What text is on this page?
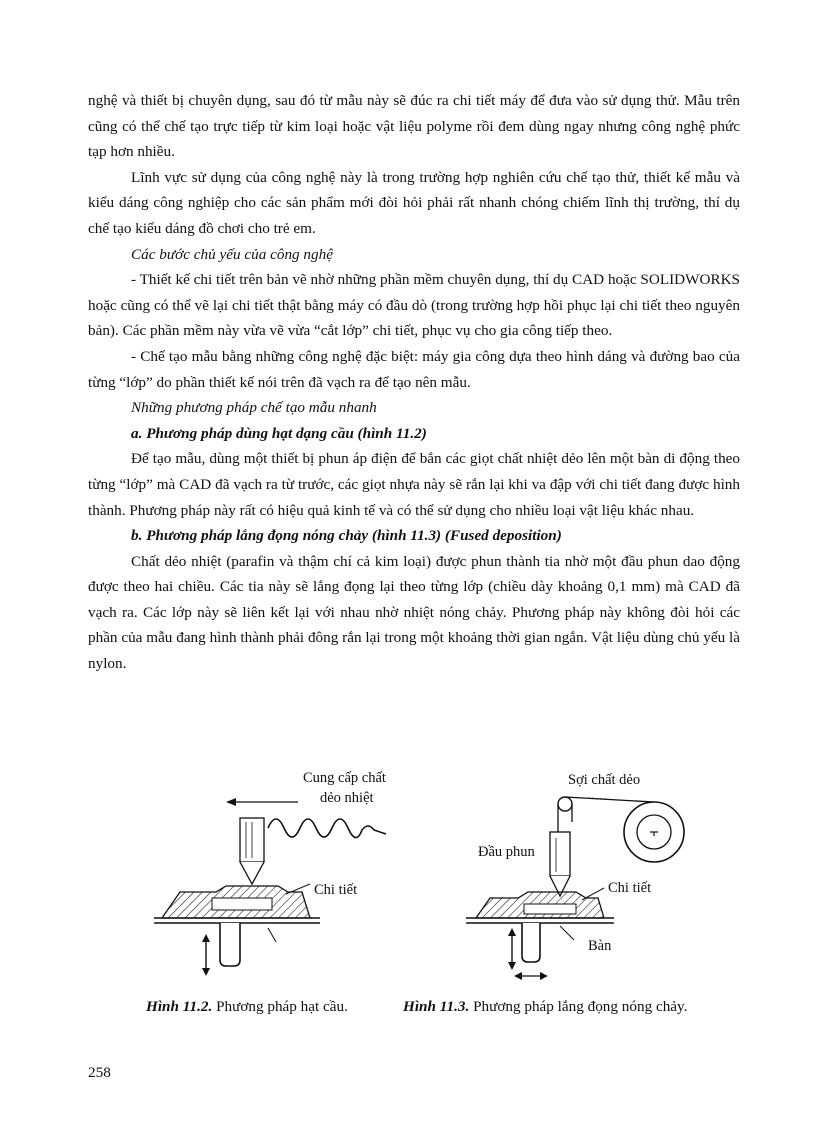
nghệ và thiết bị chuyên dụng, sau đó từ mẫu này sẽ đúc ra chi tiết máy để đưa vào sử dụng thử. Mẫu trên cũng có thể chế tạo trực tiếp từ kim loại hoặc vật liệu polyme rồi đem dùng ngay nhưng công nghệ phức tạp hơn nhiều.

Lĩnh vực sử dụng của công nghệ này là trong trường hợp nghiên cứu chế tạo thử, thiết kế mẫu và kiểu dáng công nghiệp cho các sản phẩm mới đòi hỏi phải rất nhanh chóng chiếm lĩnh thị trường, thí dụ chế tạo kiểu dáng đồ chơi cho trẻ em.

Các bước chủ yếu của công nghệ

- Thiết kế chi tiết trên bản vẽ nhờ những phần mềm chuyên dụng, thí dụ CAD hoặc SOLIDWORKS hoặc cũng có thể vẽ lại chi tiết thật bằng máy có đầu dò (trong trường hợp hồi phục lại chi tiết theo nguyên bản). Các phần mềm này vừa vẽ vừa “cắt lớp” chi tiết, phục vụ cho gia công tiếp theo.

- Chế tạo mẫu bằng những công nghệ đặc biệt: máy gia công dựa theo hình dáng và đường bao của từng “lớp” do phần thiết kế nói trên đã vạch ra để tạo nên mẫu.

Những phương pháp chế tạo mẫu nhanh

a. Phương pháp dùng hạt dạng cầu (hình 11.2)

Để tạo mẫu, dùng một thiết bị phun áp điện để bắn các giọt chất nhiệt dẻo lên một bàn di động theo từng “lớp” mà CAD đã vạch ra từ trước, các giọt nhựa này sẽ rắn lại khi va đập với chi tiết đang được hình thành. Phương pháp này rất có hiệu quả kinh tế và có thể sử dụng cho nhiều loại vật liệu khác nhau.

b. Phương pháp lắng đọng nóng chảy (hình 11.3) (Fused deposition)

Chất dẻo nhiệt (parafin và thậm chí cả kim loại) được phun thành tia nhờ một đầu phun dao động được theo hai chiều. Các tia này sẽ lắng đọng lại theo từng lớp (chiều dày khoảng 0,1 mm) mà CAD đã vạch ra. Các lớp này sẽ liên kết lại với nhau nhờ nhiệt nóng chảy. Phương pháp này không đòi hỏi các phần của mẫu đang hình thành phải đông rắn lại trong một khoảng thời gian ngắn. Vật liệu dùng chủ yếu là nylon.

Cung cấp chất
dẻo nhiệt
Chi tiết
Sợi chất dẻo
Đầu phun
Chi tiết
Bàn
Hình 11.2. Phương pháp hạt cầu.	Hình 11.3. Phương pháp lắng đọng nóng chảy.
258
